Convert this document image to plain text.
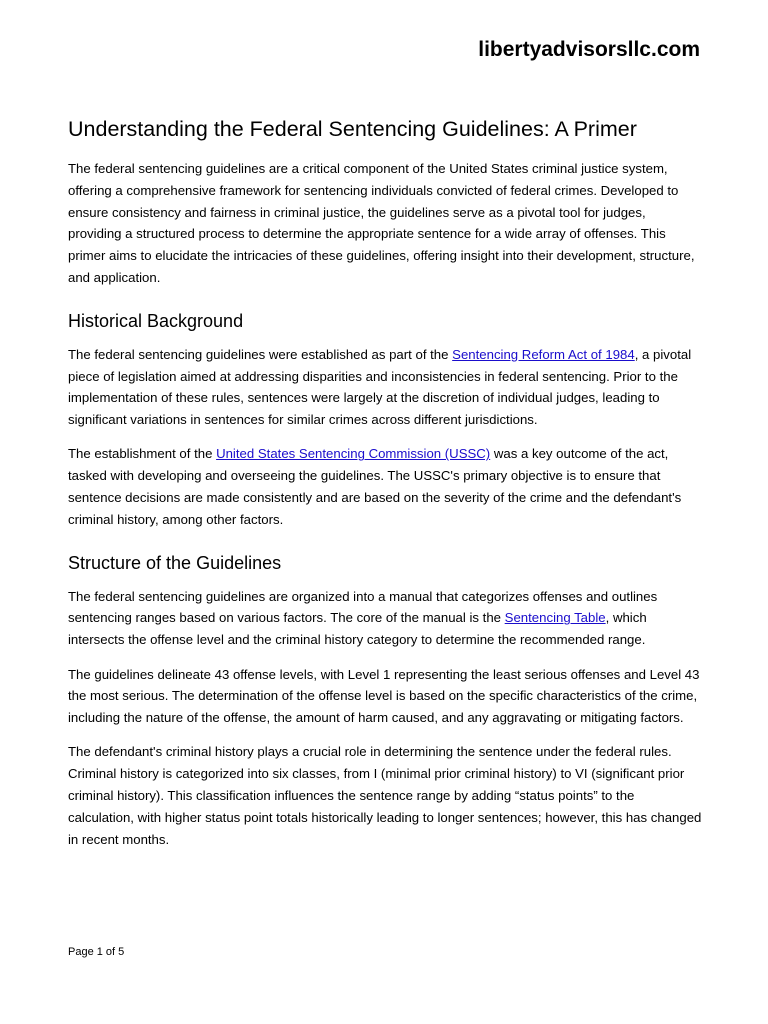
libertyadvisorsllc.com
Understanding the Federal Sentencing Guidelines: A Primer

The federal sentencing guidelines are a critical component of the United States criminal justice system, offering a comprehensive framework for sentencing individuals convicted of federal crimes. Developed to ensure consistency and fairness in criminal justice, the guidelines serve as a pivotal tool for judges, providing a structured process to determine the appropriate sentence for a wide array of offenses. This primer aims to elucidate the intricacies of these guidelines, offering insight into their development, structure, and application.

Historical Background

The federal sentencing guidelines were established as part of the Sentencing Reform Act of 1984, a pivotal piece of legislation aimed at addressing disparities and inconsistencies in federal sentencing. Prior to the implementation of these rules, sentences were largely at the discretion of individual judges, leading to significant variations in sentences for similar crimes across different jurisdictions.

The establishment of the United States Sentencing Commission (USSC) was a key outcome of the act, tasked with developing and overseeing the guidelines. The USSC's primary objective is to ensure that sentence decisions are made consistently and are based on the severity of the crime and the defendant's criminal history, among other factors.

Structure of the Guidelines

The federal sentencing guidelines are organized into a manual that categorizes offenses and outlines sentencing ranges based on various factors. The core of the manual is the Sentencing Table, which intersects the offense level and the criminal history category to determine the recommended range.

The guidelines delineate 43 offense levels, with Level 1 representing the least serious offenses and Level 43 the most serious. The determination of the offense level is based on the specific characteristics of the crime, including the nature of the offense, the amount of harm caused, and any aggravating or mitigating factors.

The defendant's criminal history plays a crucial role in determining the sentence under the federal rules. Criminal history is categorized into six classes, from I (minimal prior criminal history) to VI (significant prior criminal history). This classification influences the sentence range by adding “status points” to the calculation, with higher status point totals historically leading to longer sentences; however, this has changed in recent months.

Page 1 of 5
